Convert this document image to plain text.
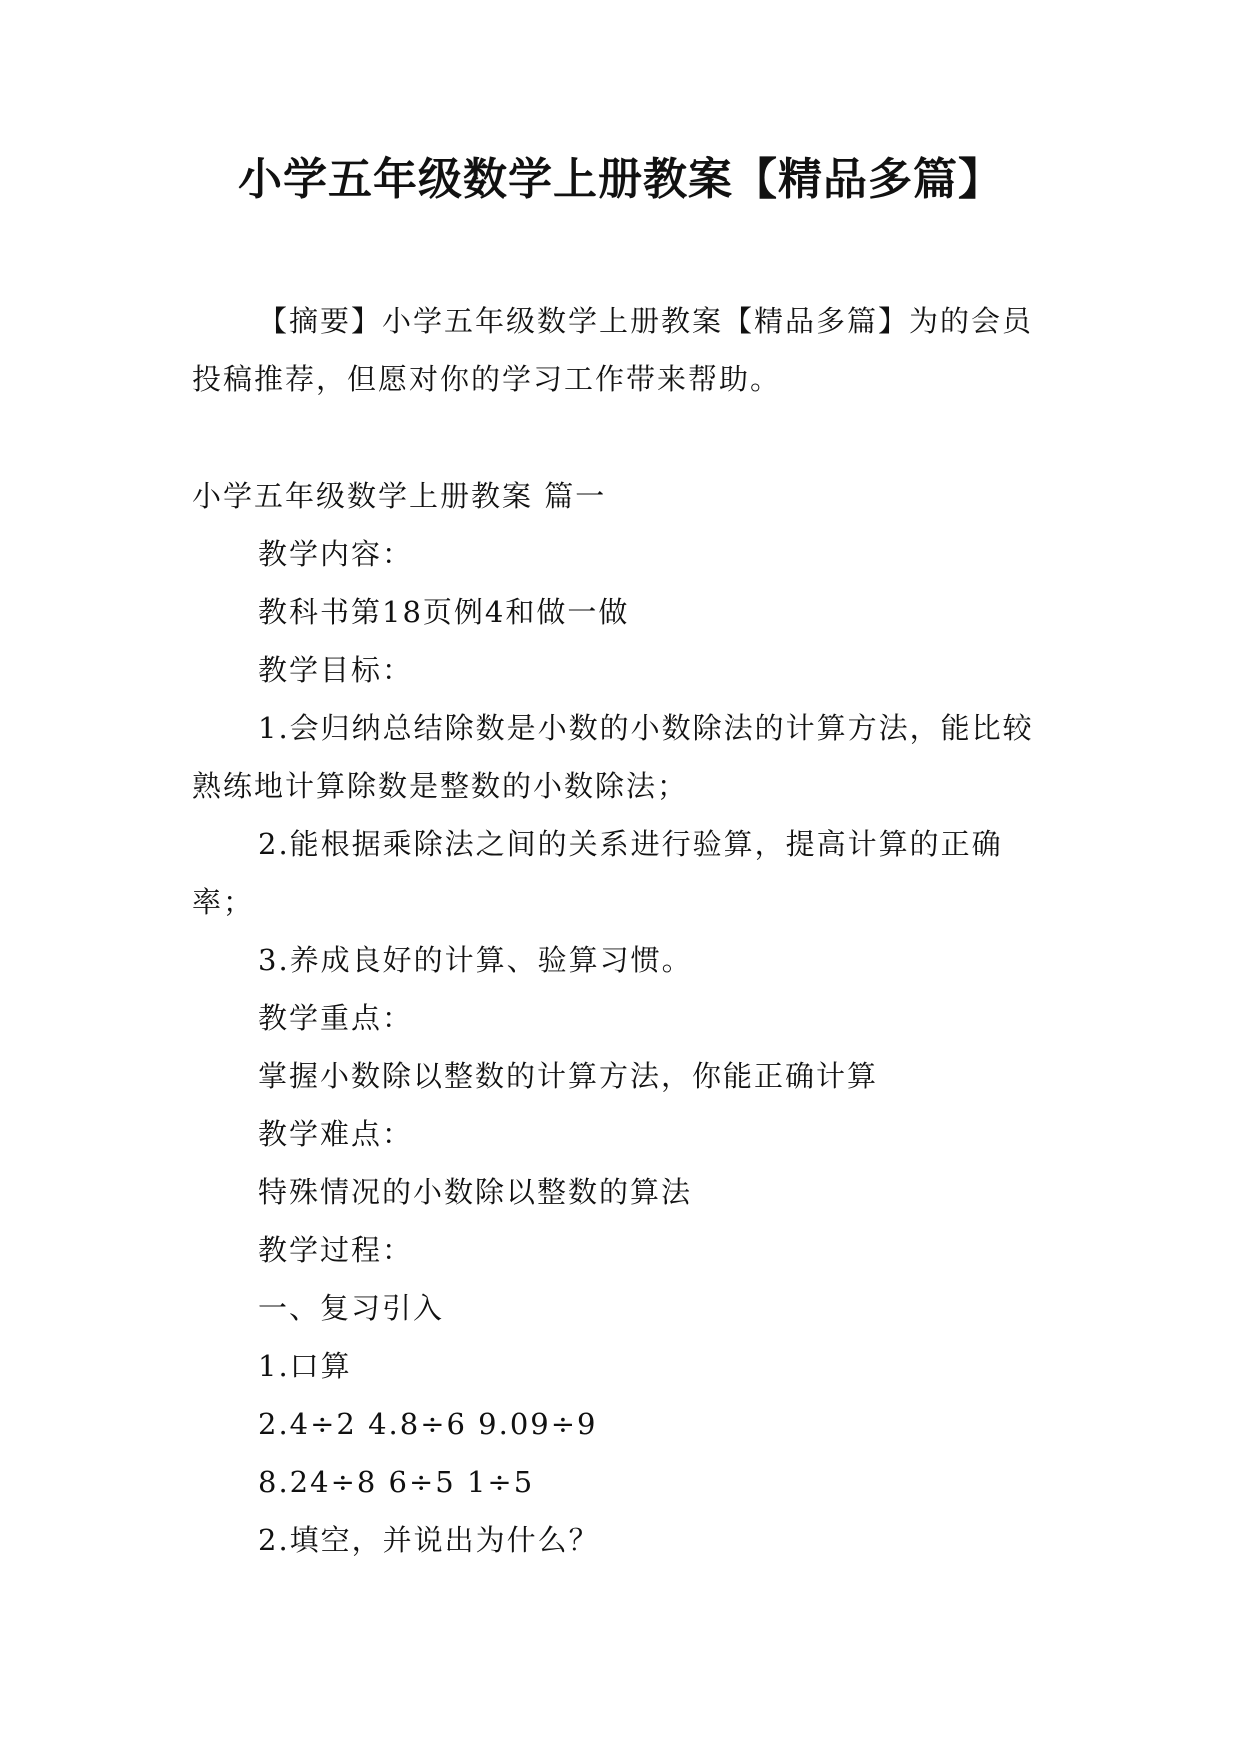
小学五年级数学上册教案【精品多篇】

【摘要】小学五年级数学上册教案【精品多篇】为的会员投稿推荐，但愿对你的学习工作带来帮助。

小学五年级数学上册教案 篇一

教学内容：

教科书第18页例4和做一做

教学目标：

1.会归纳总结除数是小数的小数除法的计算方法，能比较熟练地计算除数是整数的小数除法；

2.能根据乘除法之间的关系进行验算，提高计算的正确率；

3.养成良好的计算、验算习惯。

教学重点：

掌握小数除以整数的计算方法，你能正确计算

教学难点：

特殊情况的小数除以整数的算法

教学过程：

一、复习引入

1.口算

2.4÷2 4.8÷6 9.09÷9

8.24÷8 6÷5 1÷5

2.填空，并说出为什么？
